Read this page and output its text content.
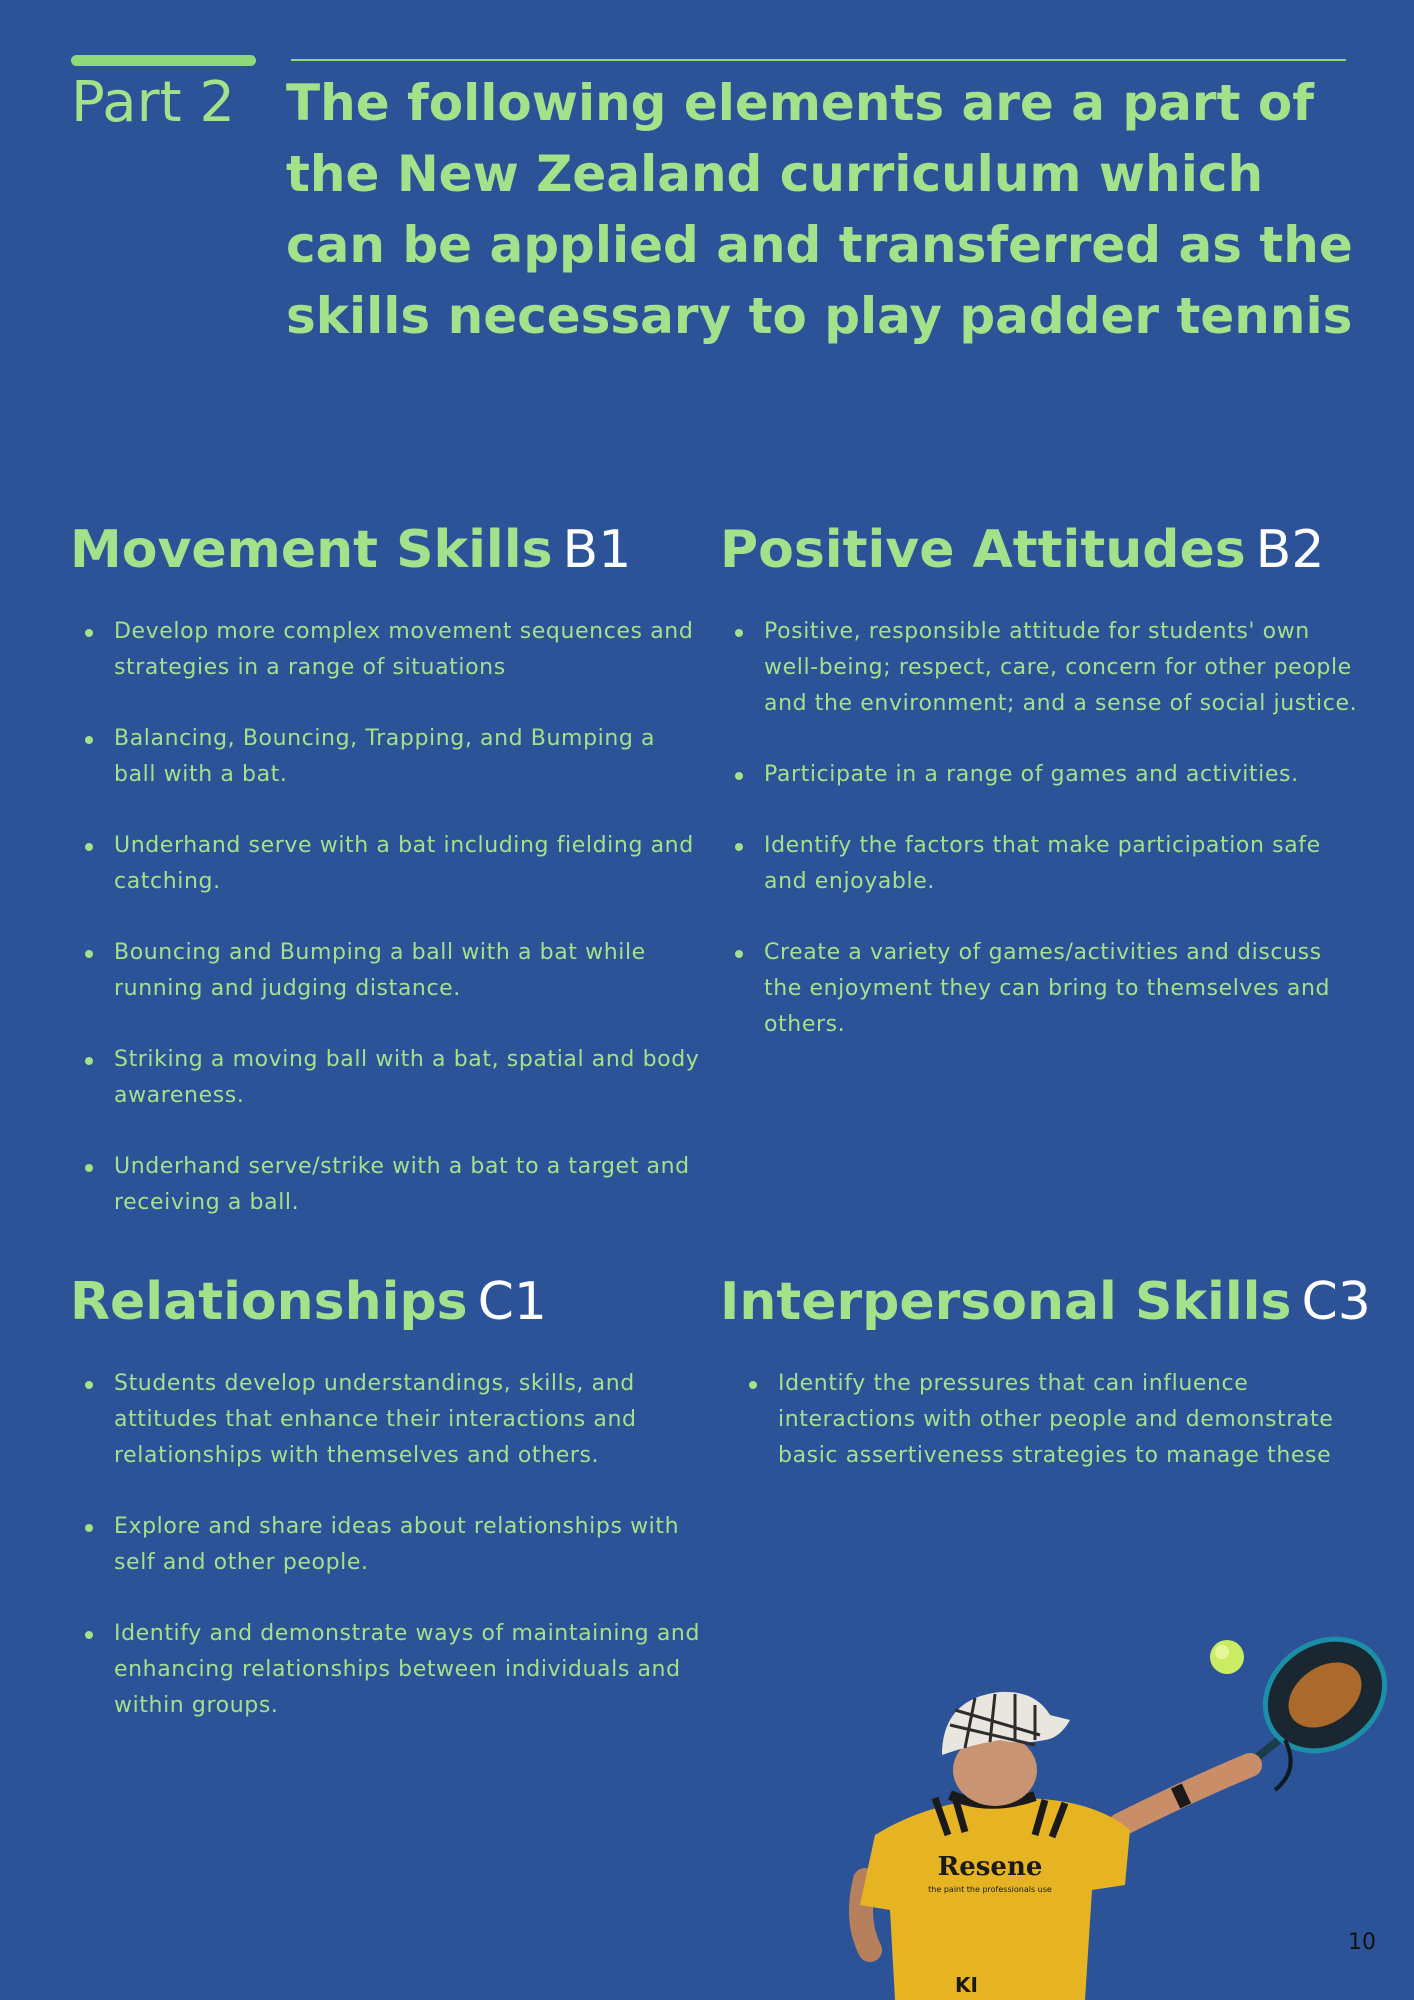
Part 2 The following elements are a part of the New Zealand curriculum which can be applied and transferred as the skills necessary to play padder tennis
Movement Skills B1
Develop more complex movement sequences and strategies in a range of situations
Balancing, Bouncing, Trapping, and Bumping a ball with a bat.
Underhand serve with a bat including fielding and catching.
Bouncing and Bumping a ball with a bat while running and judging distance.
Striking a moving ball with a bat, spatial and body awareness.
Underhand serve/strike with a bat to a target and receiving a ball.
Positive Attitudes B2
Positive, responsible attitude for students' own well-being; respect, care, concern for other people and the environment; and a sense of social justice.
Participate in a range of games and activities.
Identify the factors that make participation safe and enjoyable.
Create a variety of games/activities and discuss the enjoyment they can bring to themselves and others.
Relationships C1
Students develop understandings, skills, and attitudes that enhance their interactions and relationships with themselves and others.
Explore and share ideas about relationships with self and other people.
Identify and demonstrate ways of maintaining and enhancing relationships between individuals and within groups.
Interpersonal Skills C3
Identify the pressures that can influence interactions with other people and demonstrate basic assertiveness strategies to manage these
Resene
the paint the professionals use
KI
10
